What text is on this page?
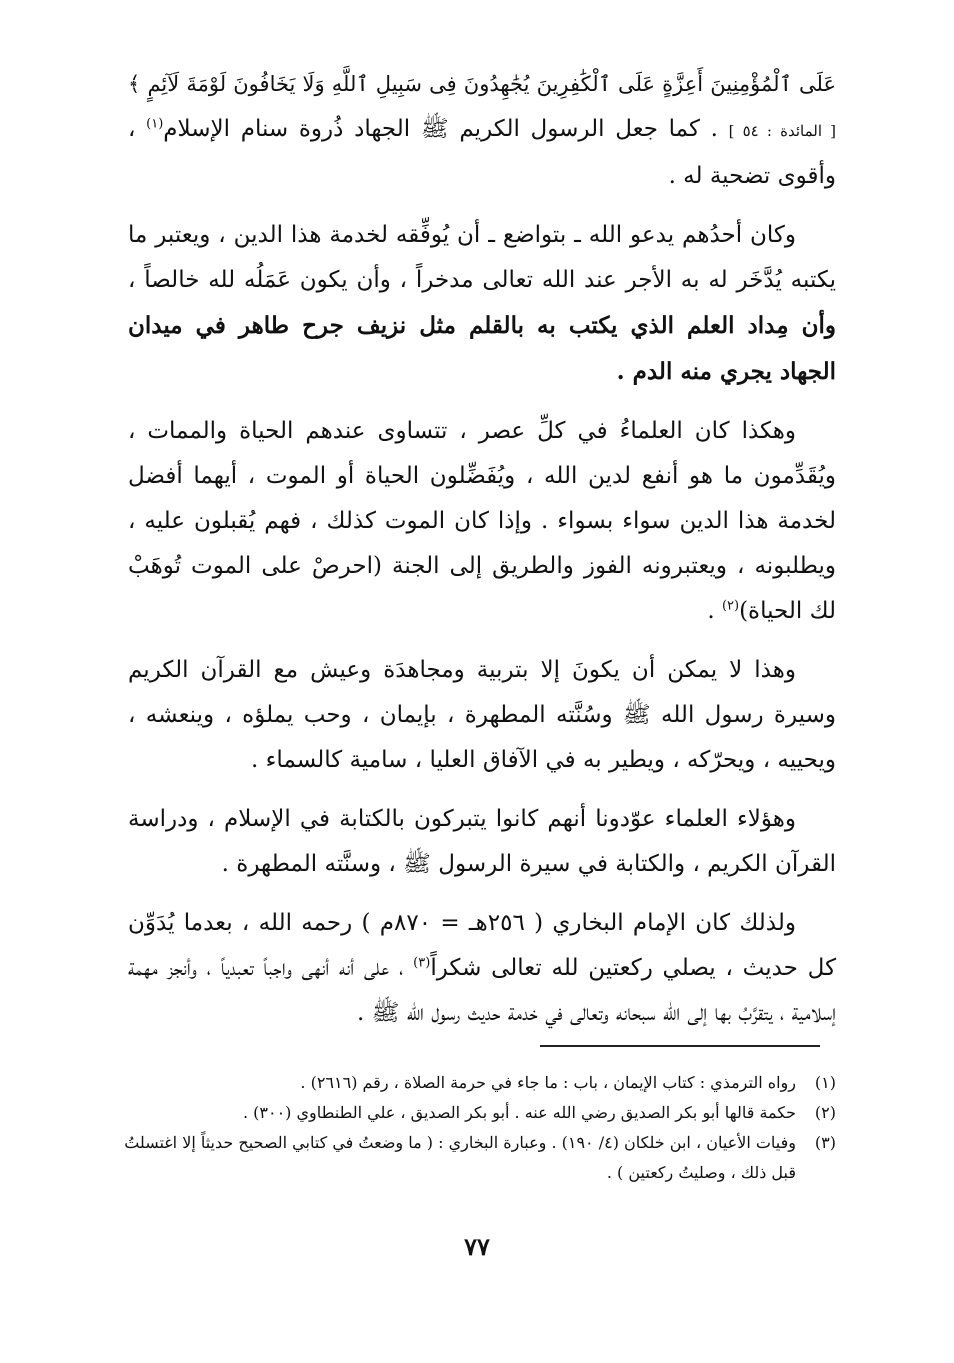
عَلَى ٱلْمُؤْمِنِينَ أَعِزَّةٍ عَلَى ٱلْكَٰفِرِينَ يُجَٰهِدُونَ فِى سَبِيلِ ٱللَّهِ وَلَا يَخَافُونَ لَوْمَةَ لَآئِمٍ ﴾ [ المائدة : ٥٤ ] . كما جعل الرسول الكريم ﷺ الجهاد ذُروة سنام الإسلام$^{(١)}$ ، وأقوى تضحية له .

وكان أحدُهم يدعو الله ـ بتواضع ـ أن يُوفِّقه لخدمة هذا الدين ، ويعتبر ما يكتبه يُدَّخَر له به الأجر عند الله تعالى مدخراً ، وأن يكون عَمَلُه لله خالصاً ، وأن مِداد العلم الذي يكتب به بالقلم مثل نزيف جرح طاهر في ميدان الجهاد يجري منه الدم .

وهكذا كان العلماءُ في كلِّ عصر ، تتساوى عندهم الحياة والممات ، ويُقَدِّمون ما هو أنفع لدين الله ، ويُفَضِّلون الحياة أو الموت ، أيهما أفضل لخدمة هذا الدين سواء بسواء . وإذا كان الموت كذلك ، فهم يُقبلون عليه ، ويطلبونه ، ويعتبرونه الفوز والطريق إلى الجنة (احرصْ على الموت تُوهَبْ لك الحياة)$^{(٢)}$ .

وهذا لا يمكن أن يكونَ إلا بتربية ومجاهدَة وعيش مع القرآن الكريم وسيرة رسول الله ﷺ وسُنَّته المطهرة ، بإيمان ، وحب يملؤه ، وينعشه ، ويحييه ، ويحرّكه ، ويطير به في الآفاق العليا ، سامية كالسماء .

وهؤلاء العلماء عوّدونا أنهم كانوا يتبركون بالكتابة في الإسلام ، ودراسة القرآن الكريم ، والكتابة في سيرة الرسول ﷺ ، وسنَّته المطهرة .

ولذلك كان الإمام البخاري ( ٢٥٦هـ = ٨٧٠م ) رحمه الله ، بعدما يُدَوِّن كل حديث ، يصلي ركعتين لله تعالى شكراً$^{(٣)}$ ، على أنه أنهى واجباً تعبدياً ، وأنجز مهمة إسلامية ، يتقرَّبُ بها إلى الله سبحانه وتعالى في خدمة حديث رسول الله ﷺ .

(١)
رواه الترمذي : كتاب الإيمان ، باب : ما جاء في حرمة الصلاة ، رقم (٢٦١٦) .
(٢)
حكمة قالها أبو بكر الصديق رضي الله عنه . أبو بكر الصديق ، علي الطنطاوي (٣٠٠) .
(٣)
وفيات الأعيان ، ابن خلكان (٤/ ١٩٠) . وعبارة البخاري : ( ما وضعتُ في كتابي الصحيح حديثاً إلا اغتسلتُ قبل ذلك ، وصليتُ ركعتين ) .
٧٧
